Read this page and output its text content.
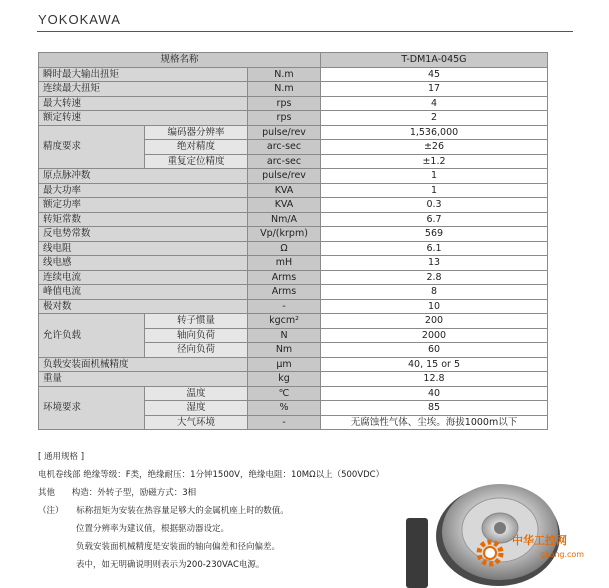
YOKOKAWA
规格名称			T-DM1A-045G
瞬时最大输出扭矩		N.m	45
连续最大扭矩		N.m	17
最大转速		rps	4
额定转速		rps	2
精度要求	编码器分辨率	pulse/rev	1,536,000
	绝对精度	arc-sec	±26
	重复定位精度	arc-sec	±1.2
原点脉冲数		pulse/rev	1
最大功率		KVA	1
额定功率		KVA	0.3
转矩常数		Nm/A	6.7
反电势常数		Vp/(krpm)	569
线电阻		Ω	6.1
线电感		mH	13
连续电流		Arms	2.8
峰值电流		Arms	8
极对数		-	10
允许负载	转子惯量	kgcm²	200
	轴向负荷	N	2000
	径向负荷	Nm	60
负载安装面机械精度		μm	40, 15 or 5
重量		kg	12.8
环境要求	温度	℃	40
	湿度	%	85
	大气环境	-	无腐蚀性气体、尘埃。海拔1000m以下
[ 通用规格 ]
电机卷线部 绝缘等级：F类，绝缘耐压：1分钟1500V，绝缘电阻：10MΩ以上（500VDC）
其他 构造：外转子型，励磁方式：3相
（注） 标称扭矩为安装在热容量足够大的金属机座上时的数值。
位置分辨率为建议值，根据驱动器设定。
负载安装面机械精度是安装面的轴向偏差和径向偏差。
表中，如无明确说明则表示为200-230VAC电源。
中华工控网
gkong.com
